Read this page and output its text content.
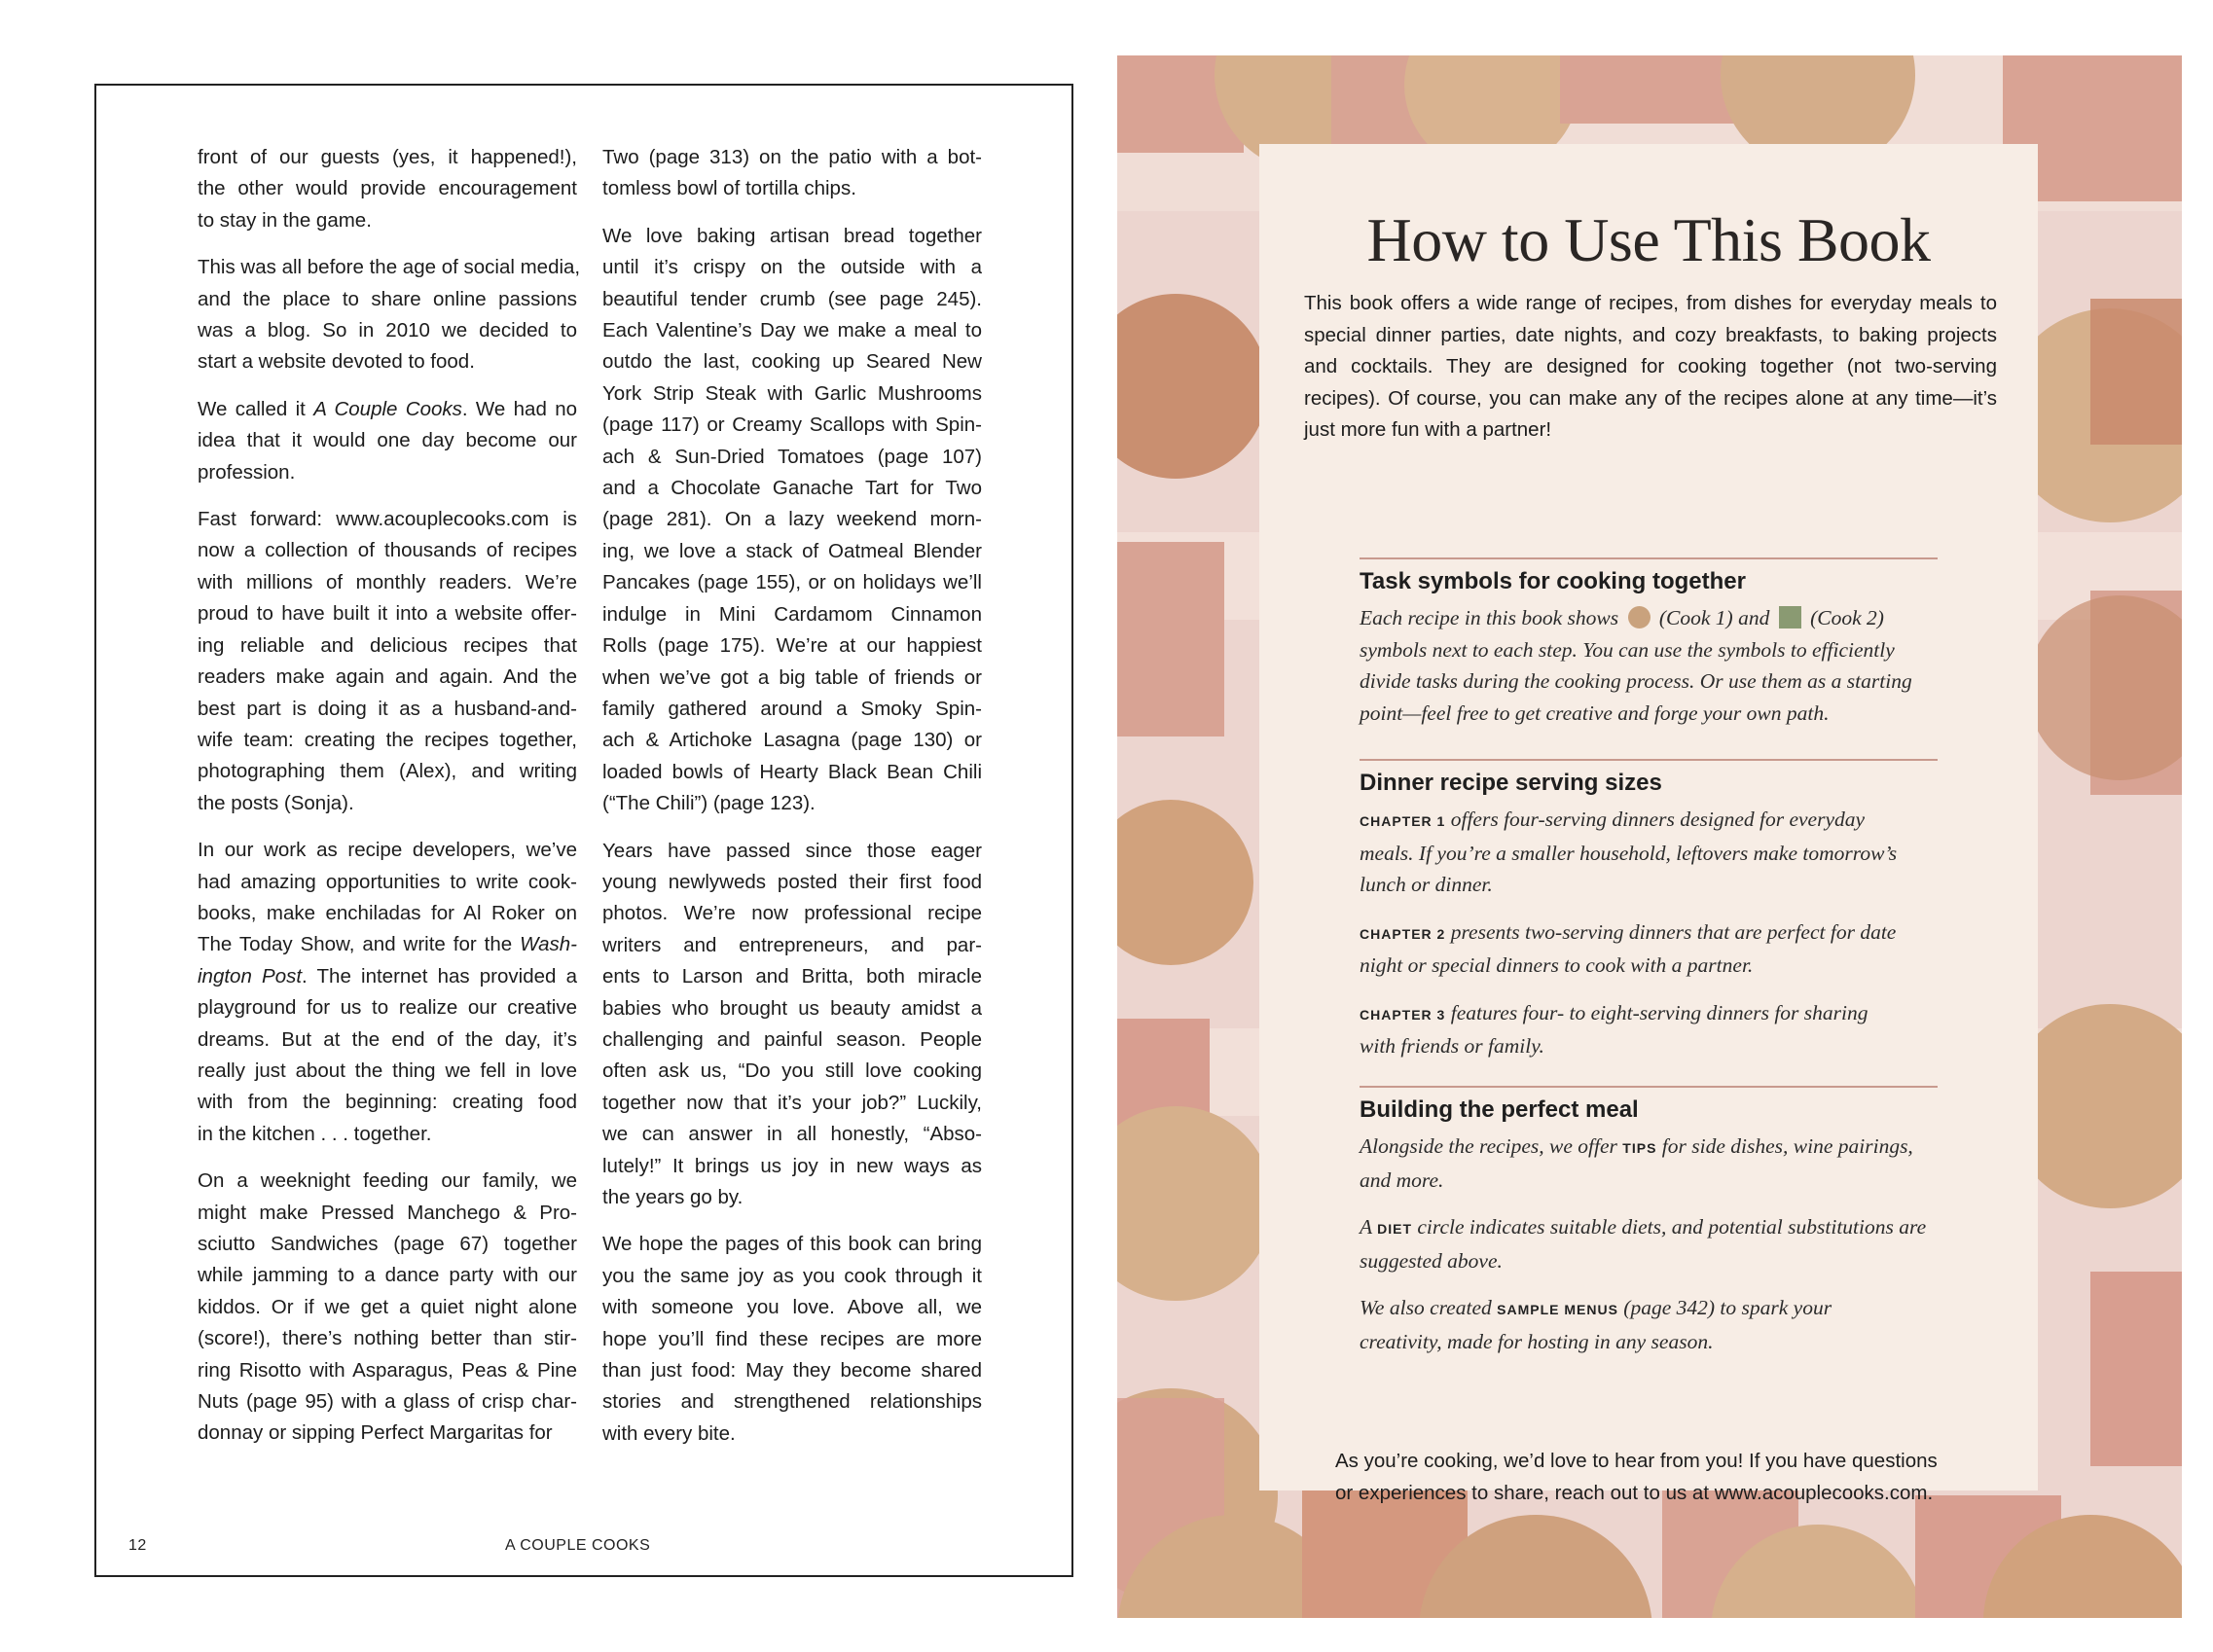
front of our guests (yes, it happened!),
the other would provide encouragement
to stay in the game.

This was all before the age of social media,
and the place to share online passions
was a blog. So in 2010 we decided to
start a website devoted to food.

We called it A Couple Cooks. We had no
idea that it would one day become our
profession.

Fast forward: www.acouplecooks.com is
now a collection of thousands of recipes
with millions of monthly readers. We’re
proud to have built it into a website offer-
ing reliable and delicious recipes that
readers make again and again. And the
best part is doing it as a husband-and-
wife team: creating the recipes together,
photographing them (Alex), and writing
the posts (Sonja).

In our work as recipe developers, we’ve
had amazing opportunities to write cook-
books, make enchiladas for Al Roker on
The Today Show, and write for the Wash-
ington Post. The internet has provided a
playground for us to realize our creative
dreams. But at the end of the day, it’s
really just about the thing we fell in love
with from the beginning: creating food
in the kitchen . . . together.

On a weeknight feeding our family, we
might make Pressed Manchego & Pro-
sciutto Sandwiches (page 67) together
while jamming to a dance party with our
kiddos. Or if we get a quiet night alone
(score!), there’s nothing better than stir-
ring Risotto with Asparagus, Peas & Pine
Nuts (page 95) with a glass of crisp char-
donnay or sipping Perfect Margaritas for

Two (page 313) on the patio with a bot-
tomless bowl of tortilla chips.

We love baking artisan bread together
until it’s crispy on the outside with a
beautiful tender crumb (see page 245).
Each Valentine’s Day we make a meal to
outdo the last, cooking up Seared New
York Strip Steak with Garlic Mushrooms
(page 117) or Creamy Scallops with Spin-
ach & Sun-Dried Tomatoes (page 107)
and a Chocolate Ganache Tart for Two
(page 281). On a lazy weekend morn-
ing, we love a stack of Oatmeal Blender
Pancakes (page 155), or on holidays we’ll
indulge in Mini Cardamom Cinnamon
Rolls (page 175). We’re at our happiest
when we’ve got a big table of friends or
family gathered around a Smoky Spin-
ach & Artichoke Lasagna (page 130) or
loaded bowls of Hearty Black Bean Chili
(“The Chili”) (page 123).

Years have passed since those eager
young newlyweds posted their first food
photos. We’re now professional recipe
writers and entrepreneurs, and par-
ents to Larson and Britta, both miracle
babies who brought us beauty amidst a
challenging and painful season. People
often ask us, “Do you still love cooking
together now that it’s your job?” Luckily,
we can answer in all honestly, “Abso-
lutely!” It brings us joy in new ways as
the years go by.

We hope the pages of this book can bring
you the same joy as you cook through it
with someone you love. Above all, we
hope you’ll find these recipes are more
than just food: May they become shared
stories and strengthened relationships
with every bite.

12	A COUPLE COOKS
How to Use This Book
This book offers a wide range of recipes, from dishes for everyday meals to
special dinner parties, date nights, and cozy breakfasts, to baking projects
and cocktails. They are designed for cooking together (not two-serving
recipes). Of course, you can make any of the recipes alone at any time—it’s
just more fun with a partner!
Task symbols for cooking together
Each recipe in this book shows (Cook 1) and (Cook 2)
symbols next to each step. You can use the symbols to efficiently
divide tasks during the cooking process. Or use them as a starting
point—feel free to get creative and forge your own path.
Dinner recipe serving sizes
CHAPTER 1 offers four-serving dinners designed for everyday
meals. If you’re a smaller household, leftovers make tomorrow’s
lunch or dinner.
CHAPTER 2 presents two-serving dinners that are perfect for date
night or special dinners to cook with a partner.
CHAPTER 3 features four- to eight-serving dinners for sharing
with friends or family.
Building the perfect meal
Alongside the recipes, we offer TIPS for side dishes, wine pairings,
and more.
A DIET circle indicates suitable diets, and potential substitutions are
suggested above.
We also created SAMPLE MENUS (page 342) to spark your
creativity, made for hosting in any season.
As you’re cooking, we’d love to hear from you! If you have questions
or experiences to share, reach out to us at www.acouplecooks.com.
